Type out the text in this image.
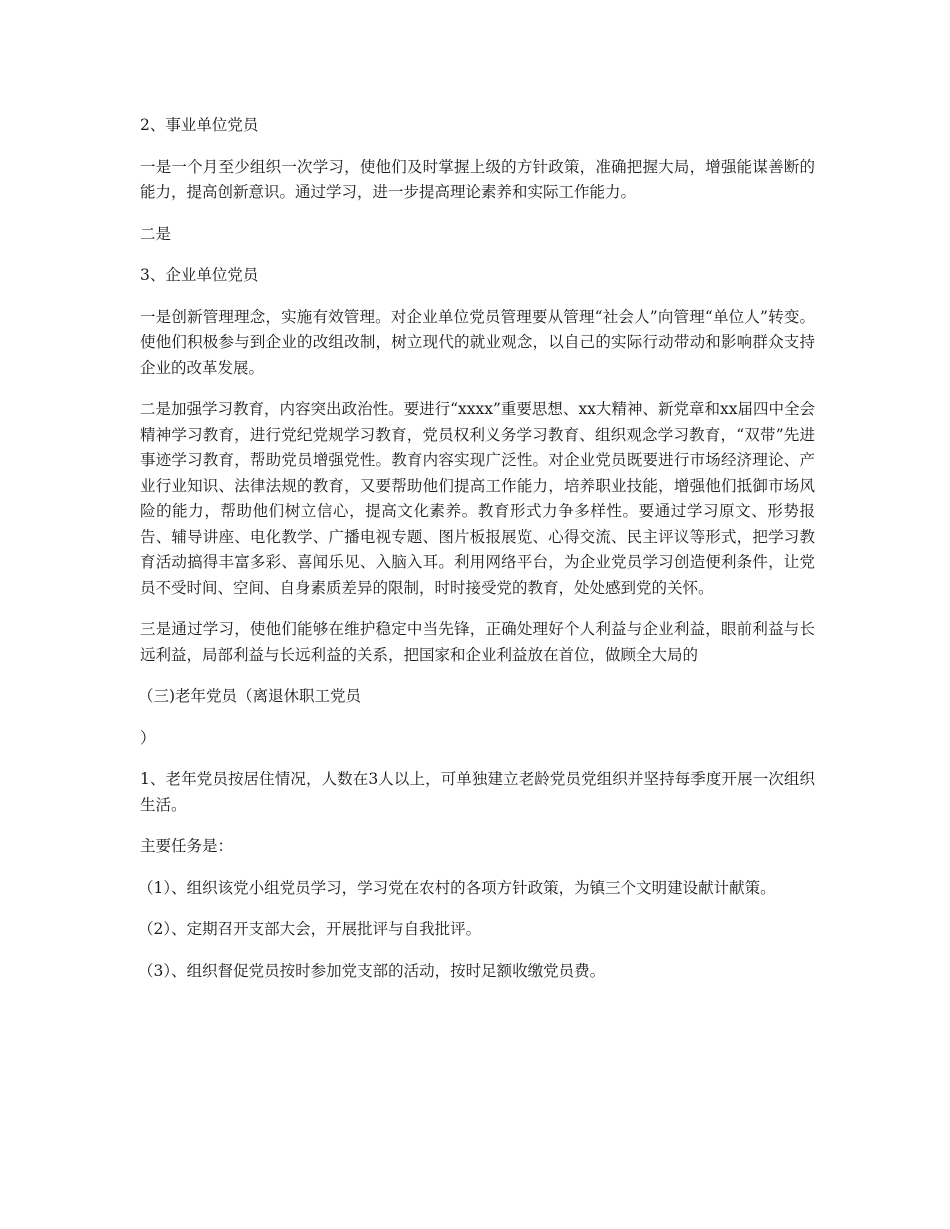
2、事业单位党员

一是一个月至少组织一次学习，使他们及时掌握上级的方针政策，准确把握大局，增强能谋善断的能力，提高创新意识。通过学习，进一步提高理论素养和实际工作能力。

二是

3、企业单位党员

一是创新管理理念，实施有效管理。对企业单位党员管理要从管理“社会人”向管理“单位人”转变。使他们积极参与到企业的改组改制，树立现代的就业观念，以自己的实际行动带动和影响群众支持企业的改革发展。

二是加强学习教育，内容突出政治性。要进行“xxxx”重要思想、xx大精神、新党章和xx届四中全会精神学习教育，进行党纪党规学习教育，党员权利义务学习教育、组织观念学习教育，“双带”先进事迹学习教育，帮助党员增强党性。教育内容实现广泛性。对企业党员既要进行市场经济理论、产业行业知识、法律法规的教育，又要帮助他们提高工作能力，培养职业技能，增强他们抵御市场风险的能力，帮助他们树立信心，提高文化素养。教育形式力争多样性。要通过学习原文、形势报告、辅导讲座、电化教学、广播电视专题、图片板报展览、心得交流、民主评议等形式，把学习教育活动搞得丰富多彩、喜闻乐见、入脑入耳。利用网络平台，为企业党员学习创造便利条件，让党员不受时间、空间、自身素质差异的限制，时时接受党的教育，处处感到党的关怀。

三是通过学习，使他们能够在维护稳定中当先锋，正确处理好个人利益与企业利益，眼前利益与长远利益，局部利益与长远利益的关系，把国家和企业利益放在首位，做顾全大局的

（三)老年党员（离退休职工党员

）

1、老年党员按居住情况，人数在3人以上，可单独建立老龄党员党组织并坚持每季度开展一次组织生活。

主要任务是：

（1）、组织该党小组党员学习，学习党在农村的各项方针政策，为镇三个文明建设献计献策。

（2）、定期召开支部大会，开展批评与自我批评。

（3）、组织督促党员按时参加党支部的活动，按时足额收缴党员费。
